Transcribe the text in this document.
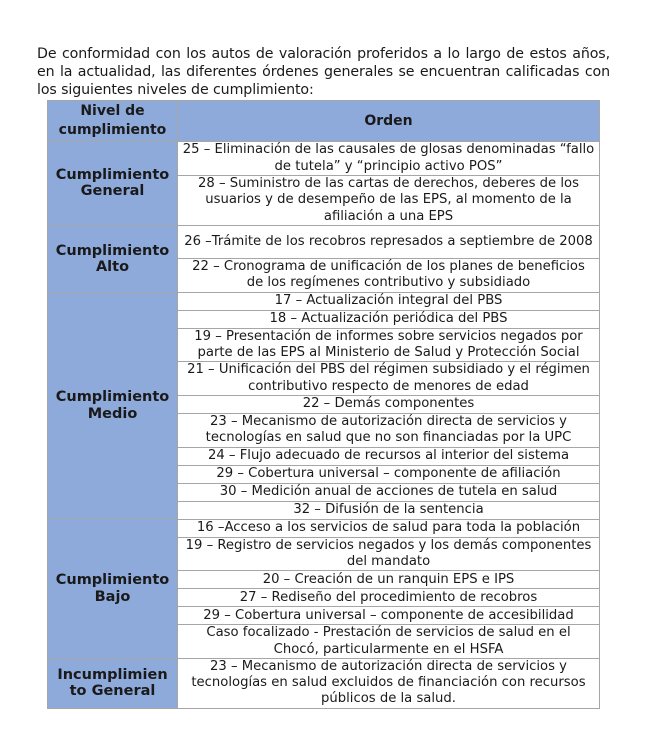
De conformidad con los autos de valoración proferidos a lo largo de estos años, en la actualidad, las diferentes órdenes generales se encuentran calificadas con los siguientes niveles de cumplimiento:

Nivel de
cumplimiento	Orden
Cumplimiento
General	25 – Eliminación de las causales de glosas denominadas “fallo de tutela” y “principio activo POS”
	28 – Suministro de las cartas de derechos, deberes de los usuarios y de desempeño de las EPS, al momento de la afiliación a una EPS
Cumplimiento
Alto	26 –Trámite de los recobros represados a septiembre de 2008
	22 – Cronograma de unificación de los planes de beneficios de los regímenes contributivo y subsidiado
Cumplimiento
Medio	17 – Actualización integral del PBS
	18 – Actualización periódica del PBS
	19 – Presentación de informes sobre servicios negados por parte de las EPS al Ministerio de Salud y Protección Social
	21 – Unificación del PBS del régimen subsidiado y el régimen contributivo respecto de menores de edad
	22 – Demás componentes
	23 – Mecanismo de autorización directa de servicios y tecnologías en salud que no son financiadas por la UPC
	24 – Flujo adecuado de recursos al interior del sistema
	29 – Cobertura universal – componente de afiliación
	30 – Medición anual de acciones de tutela en salud
	32 – Difusión de la sentencia
Cumplimiento
Bajo	16 –Acceso a los servicios de salud para toda la población
	19 – Registro de servicios negados y los demás componentes del mandato
	20 – Creación de un ranquin EPS e IPS
	27 – Rediseño del procedimiento de recobros
	29 – Cobertura universal – componente de accesibilidad
	Caso focalizado - Prestación de servicios de salud en el Chocó, particularmente en el HSFA
Incumplimien
to General	23 – Mecanismo de autorización directa de servicios y tecnologías en salud excluidos de financiación con recursos públicos de la salud.
